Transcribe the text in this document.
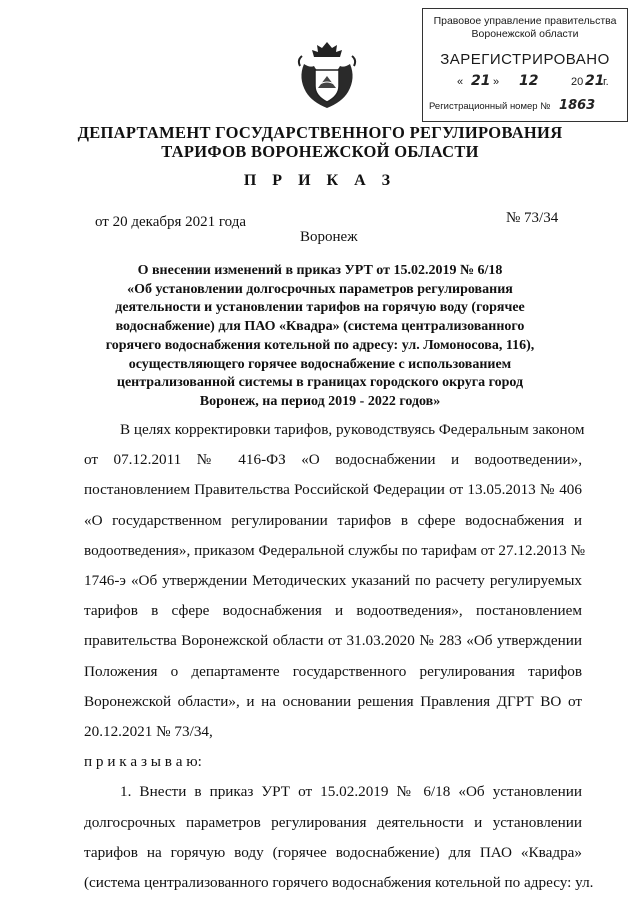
Правовое управление правительства
Воронежской области
ЗАРЕГИСТРИРОВАНО
« 21 » 12	20 21
г.
Регистрационный номер № 1863
ДЕПАРТАМЕНТ ГОСУДАРСТВЕННОГО РЕГУЛИРОВАНИЯ
ТАРИФОВ ВОРОНЕЖСКОЙ ОБЛАСТИ
П Р И К А З
от 20 декабря 2021 года	№ 73/34
Воронеж
О внесении изменений в приказ УРТ от 15.02.2019 № 6/18
«Об установлении долгосрочных параметров регулирования
деятельности и установлении тарифов на горячую воду (горячее
водоснабжение) для ПАО «Квадра» (система централизованного
горячего водоснабжения котельной по адресу: ул. Ломоносова, 116),
осуществляющего горячее водоснабжение с использованием
централизованной системы в границах городского округа город
Воронеж, на период 2019 - 2022 годов»
В целях корректировки тарифов, руководствуясь Федеральным законом
от 07.12.2011 № 416-ФЗ «О водоснабжении и водоотведении»,
постановлением Правительства Российской Федерации от 13.05.2013 № 406
«О государственном регулировании тарифов в сфере водоснабжения и
водоотведения», приказом Федеральной службы по тарифам от 27.12.2013 №
1746-э «Об утверждении Методических указаний по расчету регулируемых
тарифов в сфере водоснабжения и водоотведения», постановлением
правительства Воронежской области от 31.03.2020 № 283 «Об утверждении
Положения о департаменте государственного регулирования тарифов
Воронежской области», и на основании решения Правления ДГРТ ВО от
20.12.2021 № 73/34,
п р и к а з ы в а ю:
1. Внести в приказ УРТ от 15.02.2019 № 6/18 «Об установлении
долгосрочных параметров регулирования деятельности и установлении
тарифов на горячую воду (горячее водоснабжение) для ПАО «Квадра»
(система централизованного горячего водоснабжения котельной по адресу: ул.
